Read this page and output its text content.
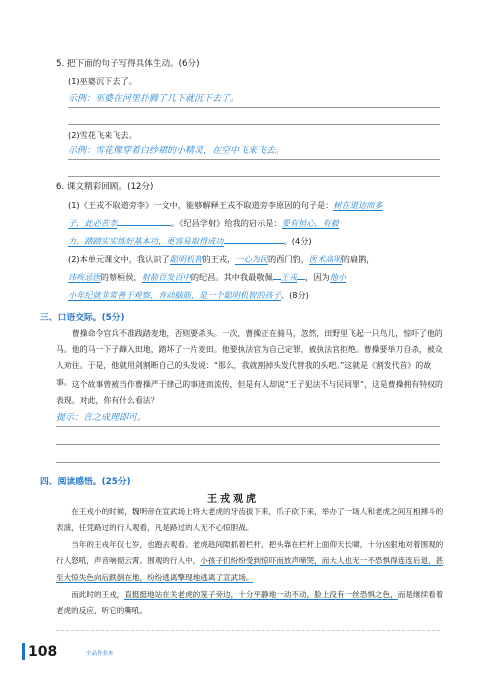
5. 把下面的句子写得具体生动。(6分)
(1)巫婆沉下去了。
示例：巫婆在河里扑腾了几下就沉下去了。
(2)雪花飞来飞去。
示例：雪花像穿着白纱裙的小精灵，在空中飞来飞去。
6. 课文精彩回顾。(12分)
(1)《王戎不取道旁李》一文中，能够解释王戎不取道旁李原因的句子是：树在道边而多
子，此必苦李	。《纪昌学射》给我的启示是：要有恒心，有毅
力，踏踏实实练好基本功，更容易取得成功	。(4分)
(2)本单元课文中，我认识了聪明机智的王戎，一心为民的西门豹，医术高明的扁鹊，
讳疾忌医的蔡桓侯，射箭百发百中的纪昌。其中我最敬佩 王戎 ，因为他小
小年纪就非常善于观察，肯动脑筋，是一个聪明机智的孩子。(8分)
三、口语交际。(5分)
曹操命令官兵不准践踏麦地，否则要杀头。一次，曹操正在骑马，忽然，田野里飞起一只鸟儿，惊吓了他的马。他的马一下子蹿入田地，踏坏了一片麦田。他要执法官为自己定罪，被执法官拒绝。曹操要举刀自杀，被众人劝住。于是，他就用剑割断自己的头发说：“那么，我就割掉头发代替我的头吧。”这就是《割发代首》的故事。 这个故事曾被当作曹操严于律己的事迹而流传，但是有人却说“王子犯法不与民同罪”，这是曹操拥有特权的表现。对此，你有什么看法？
提示：言之成理即可。
四、阅读感悟。(25分)
王戎观虎
在王戎小的时候，魏明帝在宣武场上将大老虎的牙齿拔下来，爪子砍下来，举办了一场人和老虎之间互相搏斗的表演，任凭路过的行人观看，凡是路过的人无不心惊胆战。
当年的王戎年仅七岁，也跑去观看。老虎趁间隙抓着栏杆，把头靠在栏杆上面仰天长啸，十分凶狠地对着围观的行人怒吼，声音响彻云霄。围观的行人中，小孩子们纷纷受到惊吓而放声啼哭，而大人也无一不恐惧得连连后退，甚至大惊失色向后跌倒在地，纷纷逃离擎现地逃离了宣武场。
而此时的王戎，直挺挺地站在关老虎的笼子旁边，十分平静地一动不动，脸上没有一丝恐惧之色，而是继续看着老虎的反应，听它的嘶吼。
108	全品作业本
